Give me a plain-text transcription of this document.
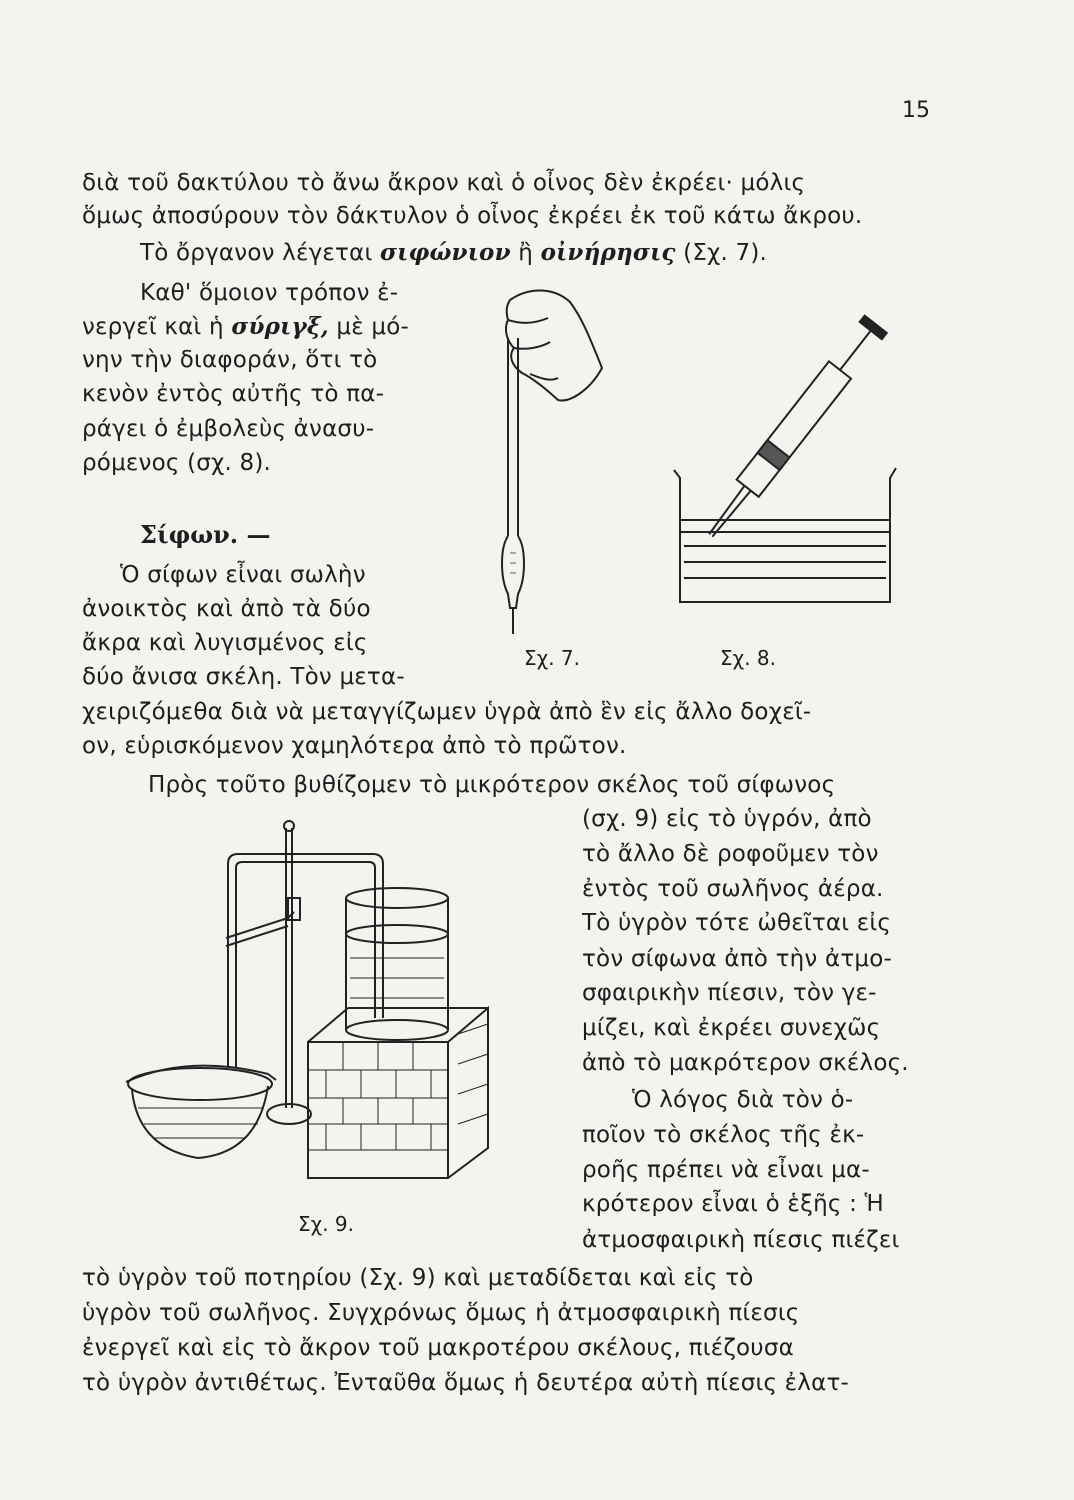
15
διὰ τοῦ δακτύλου τὸ ἄνω ἄκρον καὶ ὁ οἶνος δὲν ἐκρέει· μόλις
ὅμως ἀποσύρουν τὸν δάκτυλον ὁ οἶνος ἐκρέει ἐκ τοῦ κάτω ἄκρου.
Τὸ ὄργανον λέγεται σιφώνιον ἢ οἰνήρησις (Σχ. 7).
Καθ' ὅμοιον τρόπον ἐ-
νεργεῖ καὶ ἡ σύριγξ, μὲ μό-
νην τὴν διαφοράν, ὅτι τὸ
κενὸν ἐντὸς αὐτῆς τὸ πα-
ράγει ὁ ἐμβολεὺς ἀνασυ-
ρόμενος (σχ. 8).
Σίφων. —
Ὁ σίφων εἶναι σωλὴν
ἀνοικτὸς καὶ ἀπὸ τὰ δύο
ἄκρα καὶ λυγισμένος εἰς
δύο ἄνισα σκέλη. Τὸν μετα-
χειριζόμεθα διὰ νὰ μεταγγίζωμεν ὑγρὰ ἀπὸ ἓν εἰς ἄλλο δοχεῖ-
ον, εὑρισκόμενον χαμηλότερα ἀπὸ τὸ πρῶτον.
Πρὸς τοῦτο βυθίζομεν τὸ μικρότερον σκέλος τοῦ σίφωνος
(σχ. 9) εἰς τὸ ὑγρόν, ἀπὸ
τὸ ἄλλο δὲ ροφοῦμεν τὸν
ἐντὸς τοῦ σωλῆνος ἀέρα.
Τὸ ὑγρὸν τότε ὠθεῖται εἰς
τὸν σίφωνα ἀπὸ τὴν ἀτμο-
σφαιρικὴν πίεσιν, τὸν γε-
μίζει, καὶ ἐκρέει συνεχῶς
ἀπὸ τὸ μακρότερον σκέλος.
Ὁ λόγος διὰ τὸν ὁ-
ποῖον τὸ σκέλος τῆς ἐκ-
ροῆς πρέπει νὰ εἶναι μα-
κρότερον εἶναι ὁ ἑξῆς : Ἡ
ἀτμοσφαιρικὴ πίεσις πιέζει
τὸ ὑγρὸν τοῦ ποτηρίου (Σχ. 9) καὶ μεταδίδεται καὶ εἰς τὸ
ὑγρὸν τοῦ σωλῆνος. Συγχρόνως ὅμως ἡ ἀτμοσφαιρικὴ πίεσις
ἐνεργεῖ καὶ εἰς τὸ ἄκρον τοῦ μακροτέρου σκέλους, πιέζουσα
τὸ ὑγρὸν ἀντιθέτως. Ἐνταῦθα ὅμως ἡ δευτέρα αὐτὴ πίεσις ἐλατ-
Σχ. 7.	Σχ. 8.
Σχ. 9.
